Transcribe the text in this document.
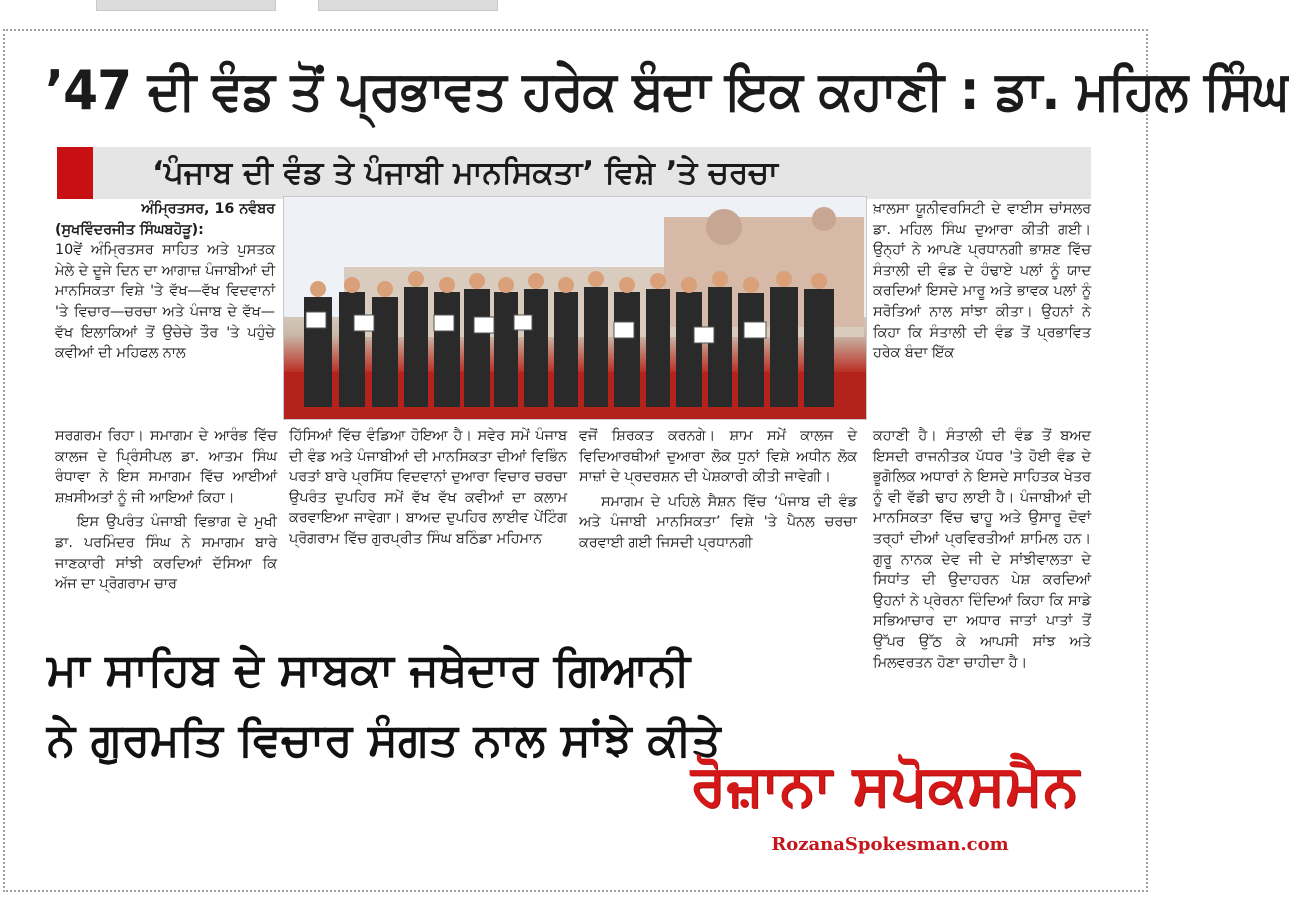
’47 ਦੀ ਵੰਡ ਤੋਂ ਪ੍ਰਭਾਵਤ ਹਰੇਕ ਬੰਦਾ ਇਕ ਕਹਾਣੀ : ਡਾ. ਮਹਿਲ ਸਿੰਘ
‘ਪੰਜਾਬ ਦੀ ਵੰਡ ਤੇ ਪੰਜਾਬੀ ਮਾਨਸਿਕਤਾ’ ਵਿਸ਼ੇ ’ਤੇ ਚਰਚਾ

ਅੰਮ੍ਰਿਤਸਰ, 16 ਨਵੰਬਰ

(ਸੁਖਵਿੰਦਰਜੀਤ ਸਿੰਘਬਹੋੜੂ):

10ਵੇਂ ਅੰਮ੍ਰਿਤਸਰ ਸਾਹਿਤ ਅਤੇ ਪੁਸਤਕ ਮੇਲੇ ਦੇ ਦੂਜੇ ਦਿਨ ਦਾ ਆਗਾਜ਼ ਪੰਜਾਬੀਆਂ ਦੀ ਮਾਨਸਿਕਤਾ ਵਿਸ਼ੇ 'ਤੇ ਵੱਖ—ਵੱਖ ਵਿਦਵਾਨਾਂ 'ਤੇ ਵਿਚਾਰ—ਚਰਚਾ ਅਤੇ ਪੰਜਾਬ ਦੇ ਵੱਖ—ਵੱਖ ਇਲਾਕਿਆਂ ਤੋਂ ਉਚੇਚੇ ਤੌਰ 'ਤੇ ਪਹੁੰਚੇ ਕਵੀਆਂ ਦੀ ਮਹਿਫਲ ਨਾਲ

ਖ਼ਾਲਸਾ ਯੂਨੀਵਰਸਿਟੀ ਦੇ ਵਾਈਸ ਚਾਂਸਲਰ ਡਾ. ਮਹਿਲ ਸਿੰਘ ਦੁਆਰਾ ਕੀਤੀ ਗਈ। ਉਨ੍ਹਾਂ ਨੇ ਆਪਣੇ ਪ੍ਰਧਾਨਗੀ ਭਾਸ਼ਣ ਵਿੱਚ ਸੰਤਾਲੀ ਦੀ ਵੰਡ ਦੇ ਹੰਢਾਏ ਪਲਾਂ ਨੂੰ ਯਾਦ ਕਰਦਿਆਂ ਇਸਦੇ ਮਾਰੂ ਅਤੇ ਭਾਵਕ ਪਲਾਂ ਨੂੰ ਸਰੋਤਿਆਂ ਨਾਲ ਸਾਂਝਾ ਕੀਤਾ। ਉਹਨਾਂ ਨੇ ਕਿਹਾ ਕਿ ਸੰਤਾਲੀ ਦੀ ਵੰਡ ਤੋਂ ਪ੍ਰਭਾਵਿਤ ਹਰੇਕ ਬੰਦਾ ਇੱਕ

ਸਰਗਰਮ ਰਿਹਾ। ਸਮਾਗਮ ਦੇ ਆਰੰਭ ਵਿੱਚ ਕਾਲਜ ਦੇ ਪ੍ਰਿੰਸੀਪਲ ਡਾ. ਆਤਮ ਸਿੰਘ ਰੰਧਾਵਾ ਨੇ ਇਸ ਸਮਾਗਮ ਵਿੱਚ ਆਈਆਂ ਸ਼ਖ਼ਸੀਅਤਾਂ ਨੂੰ ਜੀ ਆਇਆਂ ਕਿਹਾ।

ਇਸ ਉਪਰੰਤ ਪੰਜਾਬੀ ਵਿਭਾਗ ਦੇ ਮੁਖੀ ਡਾ. ਪਰਮਿੰਦਰ ਸਿੰਘ ਨੇ ਸਮਾਗਮ ਬਾਰੇ ਜਾਣਕਾਰੀ ਸਾਂਝੀ ਕਰਦਿਆਂ ਦੱਸਿਆ ਕਿ ਅੱਜ ਦਾ ਪ੍ਰੋਗਰਾਮ ਚਾਰ

ਹਿੱਸਿਆਂ ਵਿੱਚ ਵੰਡਿਆ ਹੋਇਆ ਹੈ। ਸਵੇਰ ਸਮੇਂ ਪੰਜਾਬ ਦੀ ਵੰਡ ਅਤੇ ਪੰਜਾਬੀਆਂ ਦੀ ਮਾਨਸਿਕਤਾ ਦੀਆਂ ਵਿਭਿੰਨ ਪਰਤਾਂ ਬਾਰੇ ਪ੍ਰਸਿੱਧ ਵਿਦਵਾਨਾਂ ਦੁਆਰਾ ਵਿਚਾਰ ਚਰਚਾ ਉਪਰੰਤ ਦੁਪਹਿਰ ਸਮੇਂ ਵੱਖ ਵੱਖ ਕਵੀਆਂ ਦਾ ਕਲਾਮ ਕਰਵਾਇਆ ਜਾਵੇਗਾ। ਬਾਅਦ ਦੁਪਹਿਰ ਲਾਈਵ ਪੇਂਟਿੰਗ ਪ੍ਰੋਗਰਾਮ ਵਿੱਚ ਗੁਰਪ੍ਰੀਤ ਸਿੰਘ ਬਠਿੰਡਾ ਮਹਿਮਾਨ

ਵਜੋਂ ਸ਼ਿਰਕਤ ਕਰਨਗੇ। ਸ਼ਾਮ ਸਮੇਂ ਕਾਲਜ ਦੇ ਵਿਦਿਆਰਥੀਆਂ ਦੁਆਰਾ ਲੋਕ ਧੁਨਾਂ ਵਿਸ਼ੇ ਅਧੀਨ ਲੋਕ ਸਾਜ਼ਾਂ ਦੇ ਪ੍ਰਦਰਸ਼ਨ ਦੀ ਪੇਸ਼ਕਾਰੀ ਕੀਤੀ ਜਾਵੇਗੀ।

ਸਮਾਗਮ ਦੇ ਪਹਿਲੇ ਸੈਸ਼ਨ ਵਿੱਚ ‘ਪੰਜਾਬ ਦੀ ਵੰਡ ਅਤੇ ਪੰਜਾਬੀ ਮਾਨਸਿਕਤਾ’ ਵਿਸ਼ੇ 'ਤੇ ਪੈਨਲ ਚਰਚਾ ਕਰਵਾਈ ਗਈ ਜਿਸਦੀ ਪ੍ਰਧਾਨਗੀ

ਕਹਾਣੀ ਹੈ। ਸੰਤਾਲੀ ਦੀ ਵੰਡ ਤੋਂ ਬਅਦ ਇਸਦੀ ਰਾਜਨੀਤਕ ਪੱਧਰ 'ਤੇ ਹੋਈ ਵੰਡ ਦੇ ਭੂਗੋਲਿਕ ਅਧਾਰਾਂ ਨੇ ਇਸਦੇ ਸਾਹਿਤਕ ਖੇਤਰ ਨੂੰ ਵੀ ਵੱਡੀ ਢਾਹ ਲਾਈ ਹੈ। ਪੰਜਾਬੀਆਂ ਦੀ ਮਾਨਸਿਕਤਾ ਵਿੱਚ ਢਾਹੂ ਅਤੇ ਉਸਾਰੂ ਦੋਵਾਂ ਤਰ੍ਹਾਂ ਦੀਆਂ ਪ੍ਰਵਿਰਤੀਆਂ ਸ਼ਾਮਿਲ ਹਨ। ਗੁਰੂ ਨਾਨਕ ਦੇਵ ਜੀ ਦੇ ਸਾਂਝੀਵਾਲਤਾ ਦੇ ਸਿਧਾਂਤ ਦੀ ਉਦਾਹਰਨ ਪੇਸ਼ ਕਰਦਿਆਂ ਉਹਨਾਂ ਨੇ ਪ੍ਰੇਰਨਾ ਦਿੰਦਿਆਂ ਕਿਹਾ ਕਿ ਸਾਡੇ ਸਭਿਆਚਾਰ ਦਾ ਅਧਾਰ ਜਾਤਾਂ ਪਾਤਾਂ ਤੋਂ ਉੱਪਰ ਉੱਠ ਕੇ ਆਪਸੀ ਸਾਂਝ ਅਤੇ ਮਿਲਵਰਤਨ ਹੋਣਾ ਚਾਹੀਦਾ ਹੈ।
ਮਾ ਸਾਹਿਬ ਦੇ ਸਾਬਕਾ ਜਥੇਦਾਰ ਗਿਆਨੀ
ਨੇ ਗੁਰਮਤਿ ਵਿਚਾਰ ਸੰਗਤ ਨਾਲ ਸਾਂਝੇ ਕੀਤੇ
ਰੋਜ਼ਾਨਾ ਸਪੋਕਸਮੈਨ
RozanaSpokesman.com
